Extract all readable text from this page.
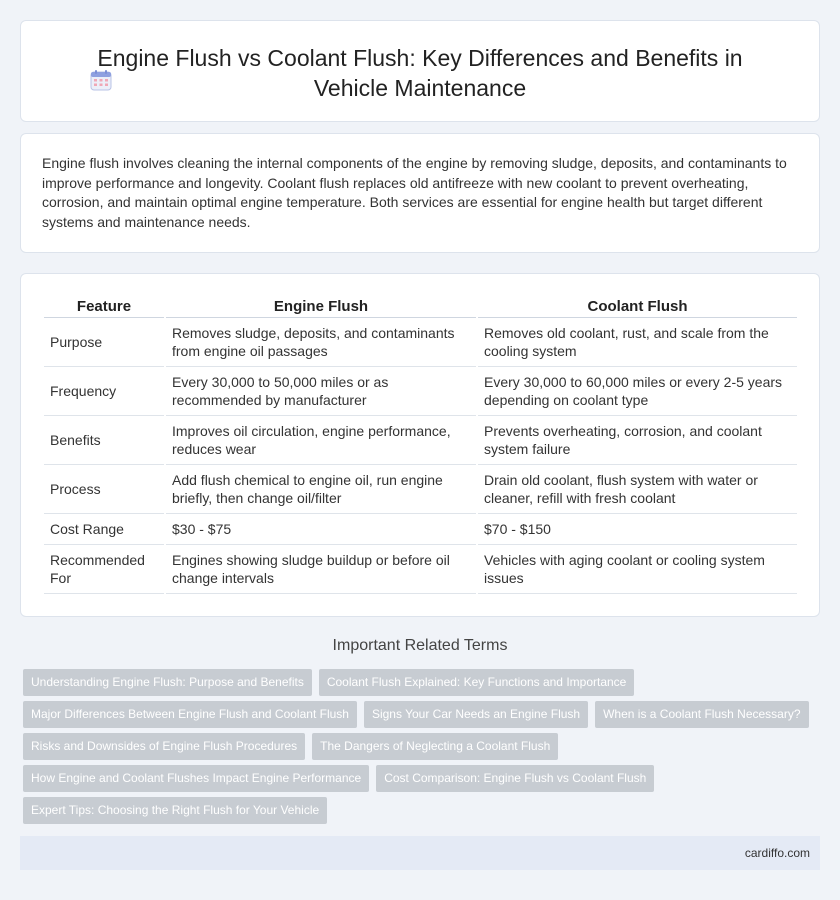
Engine Flush vs Coolant Flush: Key Differences and Benefits in Vehicle Maintenance

Engine flush involves cleaning the internal components of the engine by removing sludge, deposits, and contaminants to improve performance and longevity. Coolant flush replaces old antifreeze with new coolant to prevent overheating, corrosion, and maintain optimal engine temperature. Both services are essential for engine health but target different systems and maintenance needs.

Feature	Engine Flush	Coolant Flush
Purpose	Removes sludge, deposits, and contaminants from engine oil passages	Removes old coolant, rust, and scale from the cooling system
Frequency	Every 30,000 to 50,000 miles or as recommended by manufacturer	Every 30,000 to 60,000 miles or every 2-5 years depending on coolant type
Benefits	Improves oil circulation, engine performance, reduces wear	Prevents overheating, corrosion, and coolant system failure
Process	Add flush chemical to engine oil, run engine briefly, then change oil/filter	Drain old coolant, flush system with water or cleaner, refill with fresh coolant
Cost Range	$30 - $75	$70 - $150
Recommended For	Engines showing sludge buildup or before oil change intervals	Vehicles with aging coolant or cooling system issues
Important Related Terms
Understanding Engine Flush: Purpose and Benefits	Coolant Flush Explained: Key Functions and Importance
Major Differences Between Engine Flush and Coolant Flush	Signs Your Car Needs an Engine Flush	When is a Coolant Flush Necessary?
Risks and Downsides of Engine Flush Procedures	The Dangers of Neglecting a Coolant Flush
How Engine and Coolant Flushes Impact Engine Performance	Cost Comparison: Engine Flush vs Coolant Flush
Expert Tips: Choosing the Right Flush for Your Vehicle
cardiffo.com
